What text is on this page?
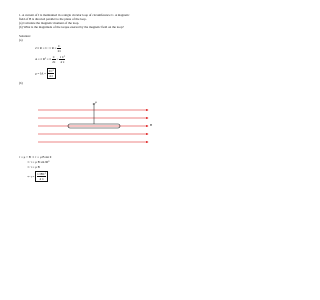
1. A current of I is maintained in a single circular loop of circumference C. A magnetic
field of B is directed parallel to the plane of the loop.
(a) Calculate the magnetic moment of the loop.
(b) What is the magnitude of the torque exerted by the magnetic field on the loop?
Solution:
(a)
2 π R = C ⇒ $R = \frac{C}{2\pi}$
A = π R² = π $\frac{C}{2\pi} = \frac{\text{1 C²}}{4 \pi}$
μ = IA = $\frac{\text{I C²}}{4 \pi}$
(b)
μ
B
τ = μ × B ⇒ τ = μ B sin θ
⇒ τ = μ B sin 90°
⇒ τ = μ B
⇒ $\tau = \frac{\text{1 IBC²}}{4 \pi}$
